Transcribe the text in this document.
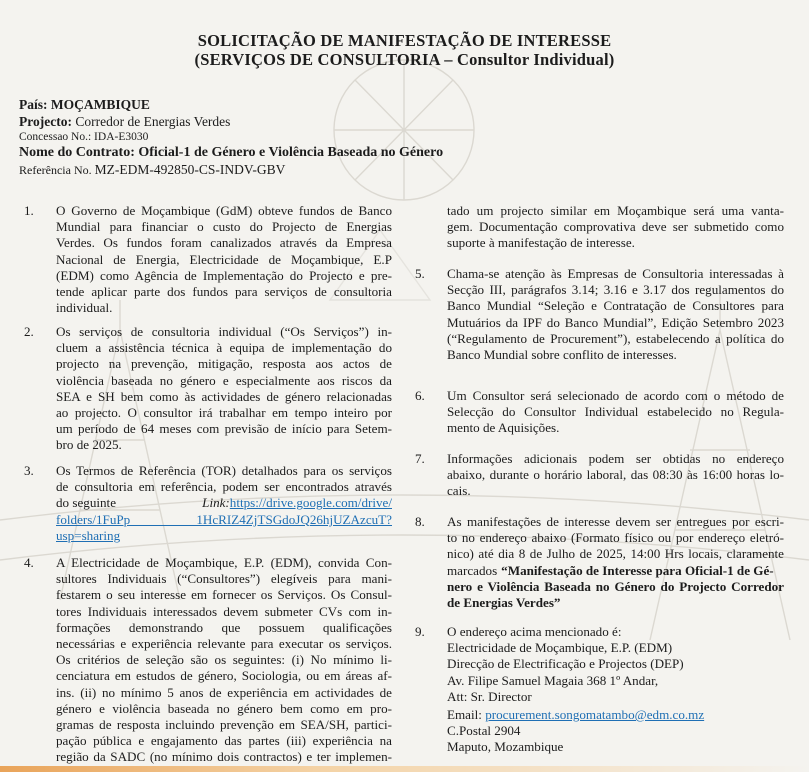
SOLICITAÇÃO DE MANIFESTAÇÃO DE INTERESSE
(SERVIÇOS DE CONSULTORIA – Consultor Individual)
País: MOÇAMBIQUE
Projecto: Corredor de Energias Verdes
Concessao No.: IDA-E3030
Nome do Contrato: Oficial-1 de Género e Violência Baseada no Género
Referência No. MZ-EDM-492850-CS-INDV-GBV
1.	O Governo de Moçambique (GdM) obteve fundos de Banco
Mundial para financiar o custo do Projecto de Energias
Verdes. Os fundos foram canalizados através da Empresa
Nacional de Energia, Electricidade de Moçambique, E.P
(EDM) como Agência de Implementação do Projecto e pre-
tende aplicar parte dos fundos para serviços de consultoria
individual.
2.	Os serviços de consultoria individual (“Os Serviços”) in-
cluem a assistência técnica à equipa de implementação do
projecto na prevenção, mitigação, resposta aos actos de
violência baseada no género e especialmente aos riscos da
SEA e SH bem como às actividades de género relacionadas
ao projecto. O consultor irá trabalhar em tempo inteiro por
um período de 64 meses com previsão de início para Setem-
bro de 2025.
3.	Os Termos de Referência (TOR) detalhados para os serviços
de consultoria em referência, podem ser encontrados através
do seguinte	Link:https://drive.google.com/drive/
folders/1FuPp 1HcRIZ4ZjTSGdoJQ26hjUZAzcuT?
usp=sharing
4.	A Electricidade de Moçambique, E.P. (EDM), convida Con-
sultores Individuais (“Consultores”) elegíveis para mani-
festarem o seu interesse em fornecer os Serviços. Os Consul-
tores Individuais interessados devem submeter CVs com in-
formações demonstrando que possuem qualificações
necessárias e experiência relevante para executar os serviços.
Os critérios de seleção são os seguintes: (i) No mínimo li-
cenciatura em estudos de género, Sociologia, ou em áreas af-
ins. (ii) no mínimo 5 anos de experiência em actividades de
género e violência baseada no género bem como em pro-
gramas de resposta incluindo prevenção em SEA/SH, partici-
pação pública e engajamento das partes (iii) experiência na
região da SADC (no mínimo dois contractos) e ter implemen-
tado um projecto similar em Moçambique será uma vanta-
gem. Documentação comprovativa deve ser submetido como
suporte à manifestação de interesse.
5.	Chama-se atenção às Empresas de Consultoria interessadas à
Secção III, parágrafos 3.14; 3.16 e 3.17 dos regulamentos do
Banco Mundial “Seleção e Contratação de Consultores para
Mutuários da IPF do Banco Mundial”, Edição Setembro 2023
(“Regulamento de Procurement”), estabelecendo a política do
Banco Mundial sobre conflito de interesses.
6.	Um Consultor será selecionado de acordo com o método de
Selecção do Consultor Individual estabelecido no Regula-
mento de Aquisições.
7.	Informações adicionais podem ser obtidas no endereço
abaixo, durante o horário laboral, das 08:30 às 16:00 horas lo-
cais.
8.	As manifestações de interesse devem ser entregues por escri-
to no endereço abaixo (Formato físico ou por endereço eletró-
nico) até dia 8 de Julho de 2025, 14:00 Hrs locais, claramente
marcados “Manifestação de Interesse para Oficial-1 de Gé-
nero e Violência Baseada no Género do Projecto Corredor
de Energias Verdes”
9.	O endereço acima mencionado é:
Electricidade de Moçambique, E.P. (EDM)
Direcção de Electrificação e Projectos (DEP)
Av. Filipe Samuel Magaia 368 1º Andar,
Att: Sr. Director
Email: procurement.songomatambo@edm.co.mz
C.Postal 2904
Maputo, Mozambique
